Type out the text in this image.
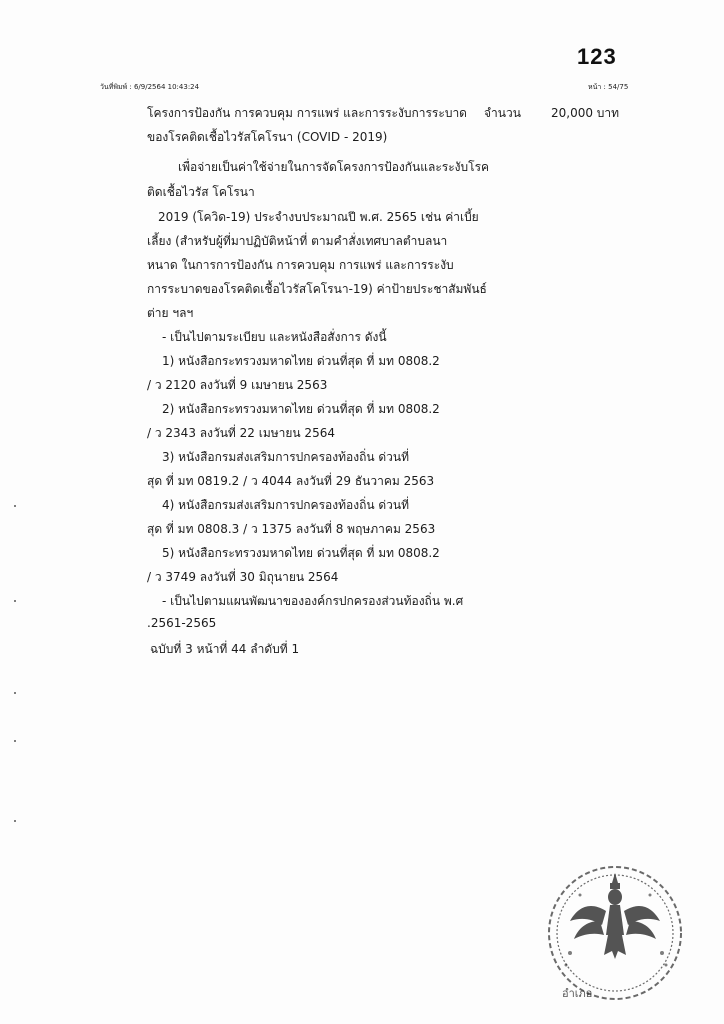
123
วันที่พิมพ์ : 6/9/2564 10:43:24	หน้า : 54/75
โครงการป้องกัน การควบคุม การแพร่ และการระงับการระบาด จำนวน	20,000 บาท
ของโรคติดเชื้อไวรัสโคโรนา (COVID - 2019)
เพื่อจ่ายเป็นค่าใช้จ่ายในการจัดโครงการป้องกันและระงับโรค
ติดเชื้อไวรัส โคโรนา
2019 (โควิด-19) ประจำงบประมาณปี พ.ศ. 2565 เช่น ค่าเบี้ย
เลี้ยง (สำหรับผู้ที่มาปฏิบัติหน้าที่ ตามคำสั่งเทศบาลตำบลนา
หนาด ในการการป้องกัน การควบคุม การแพร่ และการระงับ
การระบาดของโรคติดเชื้อไวรัสโคโรนา-19) ค่าป้ายประชาสัมพันธ์
ต่าย ฯลฯ
- เป็นไปตามระเบียบ และหนังสือสั่งการ ดังนี้
1) หนังสือกระทรวงมหาดไทย ด่วนที่สุด ที่ มท 0808.2
/ ว 2120 ลงวันที่ 9 เมษายน 2563
2) หนังสือกระทรวงมหาดไทย ด่วนที่สุด ที่ มท 0808.2
/ ว 2343 ลงวันที่ 22 เมษายน 2564
3) หนังสือกรมส่งเสริมการปกครองท้องถิ่น ด่วนที่
สุด ที่ มท 0819.2 / ว 4044 ลงวันที่ 29 ธันวาคม 2563
4) หนังสือกรมส่งเสริมการปกครองท้องถิ่น ด่วนที่
สุด ที่ มท 0808.3 / ว 1375 ลงวันที่ 8 พฤษภาคม 2563
5) หนังสือกระทรวงมหาดไทย ด่วนที่สุด ที่ มท 0808.2
/ ว 3749 ลงวันที่ 30 มิถุนายน 2564
- เป็นไปตามแผนพัฒนาขององค์กรปกครองส่วนท้องถิ่น พ.ศ
.2561-2565
ฉบับที่ 3 หน้าที่ 44 ลำดับที่ 1
อำเภอ
